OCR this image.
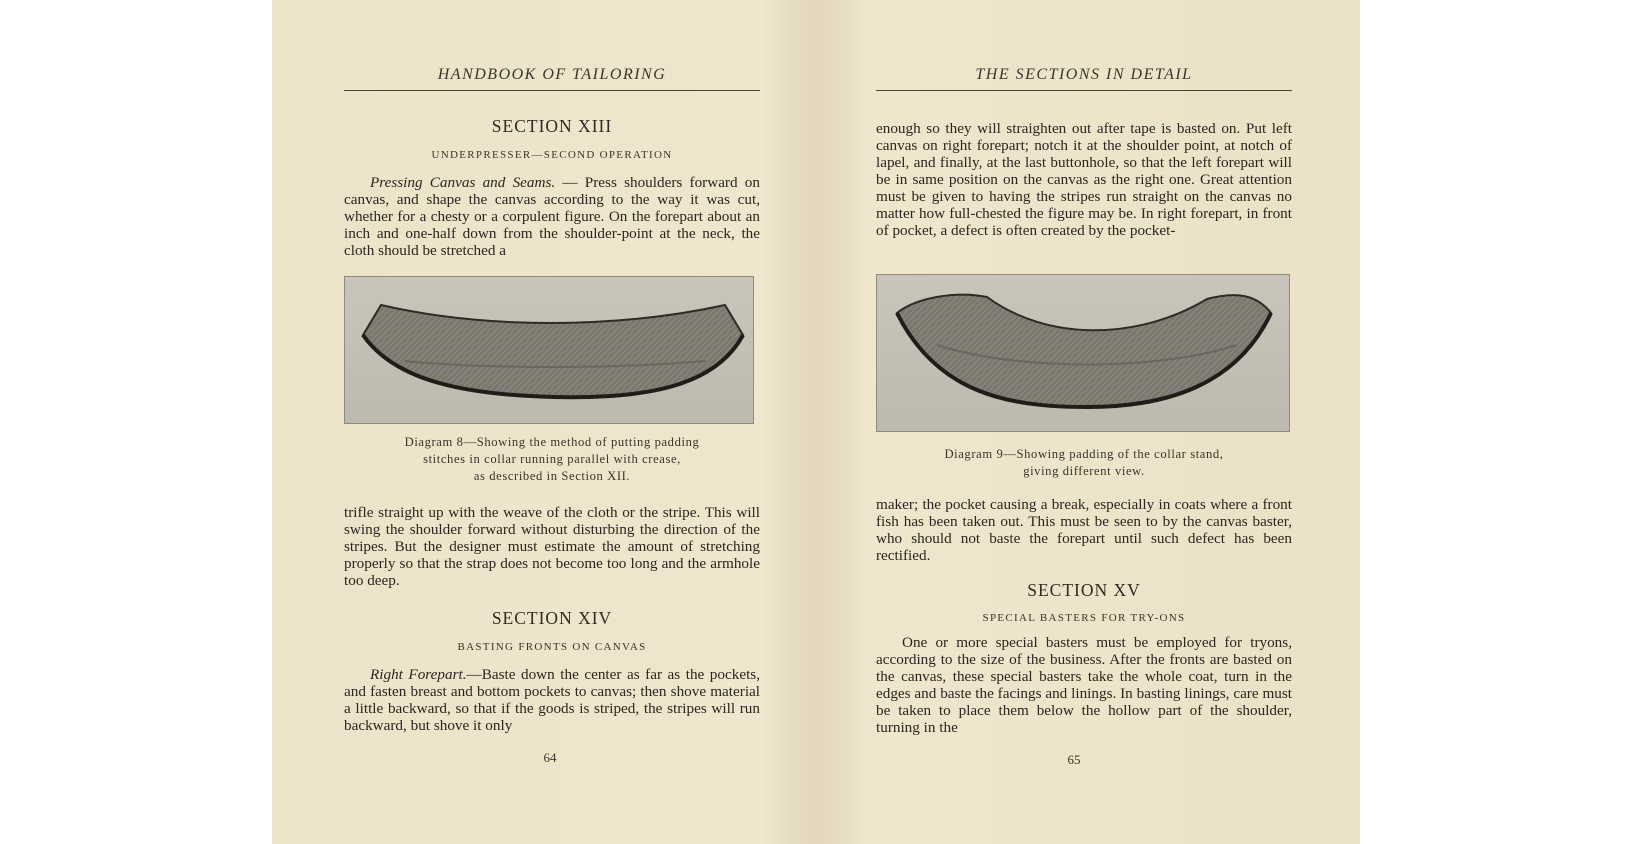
HANDBOOK OF TAILORING
SECTION XIII
UNDERPRESSER—SECOND OPERATION

Pressing Canvas and Seams. — Press shoulders forward on canvas, and shape the canvas according to the way it was cut, whether for a chesty or a corpulent figure. On the forepart about an inch and one-half down from the shoulder-point at the neck, the cloth should be stretched a

Diagram 8—Showing the method of putting padding
stitches in collar running parallel with crease,
as described in Section XII.

trifle straight up with the weave of the cloth or the stripe. This will swing the shoulder forward without disturbing the direction of the stripes. But the designer must estimate the amount of stretching properly so that the strap does not become too long and the armhole too deep.

SECTION XIV
BASTING FRONTS ON CANVAS

Right Forepart.—Baste down the center as far as the pockets, and fasten breast and bottom pockets to canvas; then shove material a little backward, so that if the goods is striped, the stripes will run backward, but shove it only

64
THE SECTIONS IN DETAIL

enough so they will straighten out after tape is basted on. Put left canvas on right forepart; notch it at the shoulder point, at notch of lapel, and finally, at the last buttonhole, so that the left forepart will be in same position on the canvas as the right one. Great attention must be given to having the stripes run straight on the canvas no matter how full-chested the figure may be. In right forepart, in front of pocket, a defect is often created by the pocket-

Diagram 9—Showing padding of the collar stand,
giving different view.

maker; the pocket causing a break, especially in coats where a front fish has been taken out. This must be seen to by the canvas baster, who should not baste the forepart until such defect has been rectified.

SECTION XV
SPECIAL BASTERS FOR TRY-ONS

One or more special basters must be employed for tryons, according to the size of the business. After the fronts are basted on the canvas, these special basters take the whole coat, turn in the edges and baste the facings and linings. In basting linings, care must be taken to place them below the hollow part of the shoulder, turning in the

65
